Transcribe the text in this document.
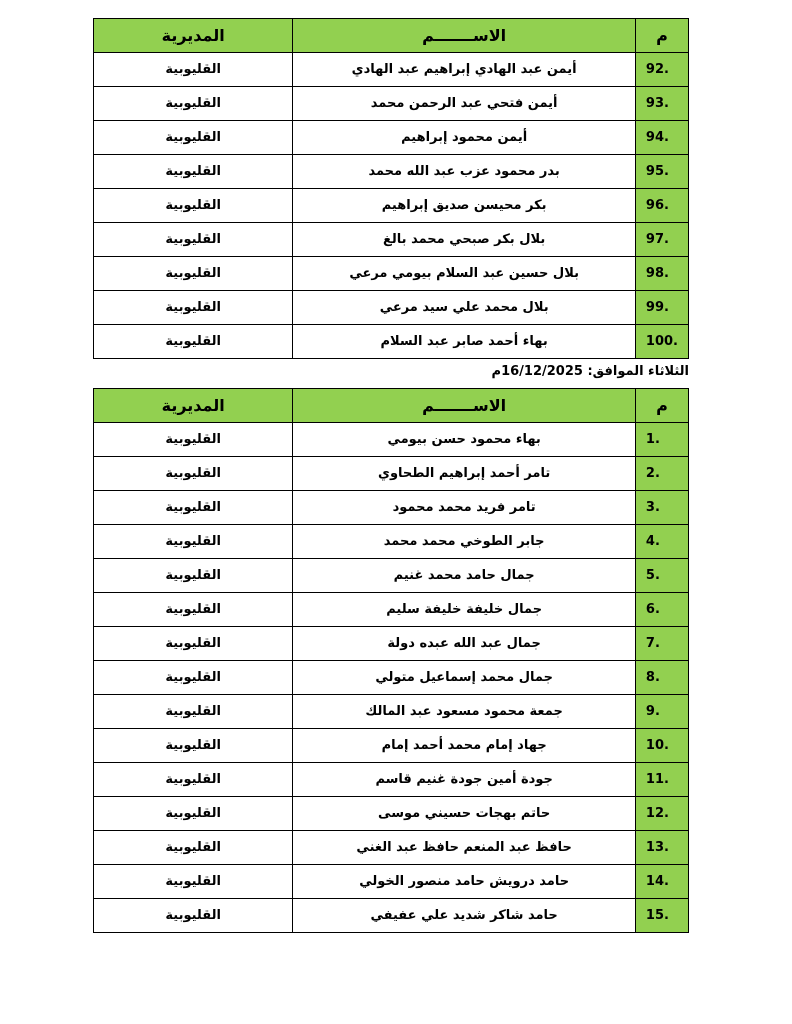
م	الاســـــــم	المديرية
92.	أيمن عبد الهادي إبراهيم عبد الهادي	القليوبية
93.	أيمن فتحي عبد الرحمن محمد	القليوبية
94.	أيمن محمود إبراهيم	القليوبية
95.	بدر محمود عزب عبد الله محمد	القليوبية
96.	بكر محيسن صديق إبراهيم	القليوبية
97.	بلال بكر صبحي محمد بالغ	القليوبية
98.	بلال حسين عبد السلام بيومي مرعي	القليوبية
99.	بلال محمد علي سيد مرعي	القليوبية
100.	بهاء أحمد صابر عبد السلام	القليوبية
الثلاثاء الموافق: 16/12/2025م
م	الاســـــــم	المديرية
1.	بهاء محمود حسن بيومي	القليوبية
2.	تامر أحمد إبراهيم الطحاوي	القليوبية
3.	تامر فريد محمد محمود	القليوبية
4.	جابر الطوخي محمد محمد	القليوبية
5.	جمال حامد محمد غنيم	القليوبية
6.	جمال خليفة خليفة سليم	القليوبية
7.	جمال عبد الله عبده دولة	القليوبية
8.	جمال محمد إسماعيل متولي	القليوبية
9.	جمعة محمود مسعود عبد المالك	القليوبية
10.	جهاد إمام محمد أحمد إمام	القليوبية
11.	جودة أمين جودة غنيم قاسم	القليوبية
12.	حاتم بهجات حسيني موسى	القليوبية
13.	حافظ عبد المنعم حافظ عبد الغني	القليوبية
14.	حامد درويش حامد منصور الخولي	القليوبية
15.	حامد شاكر شديد علي عفيفي	القليوبية
